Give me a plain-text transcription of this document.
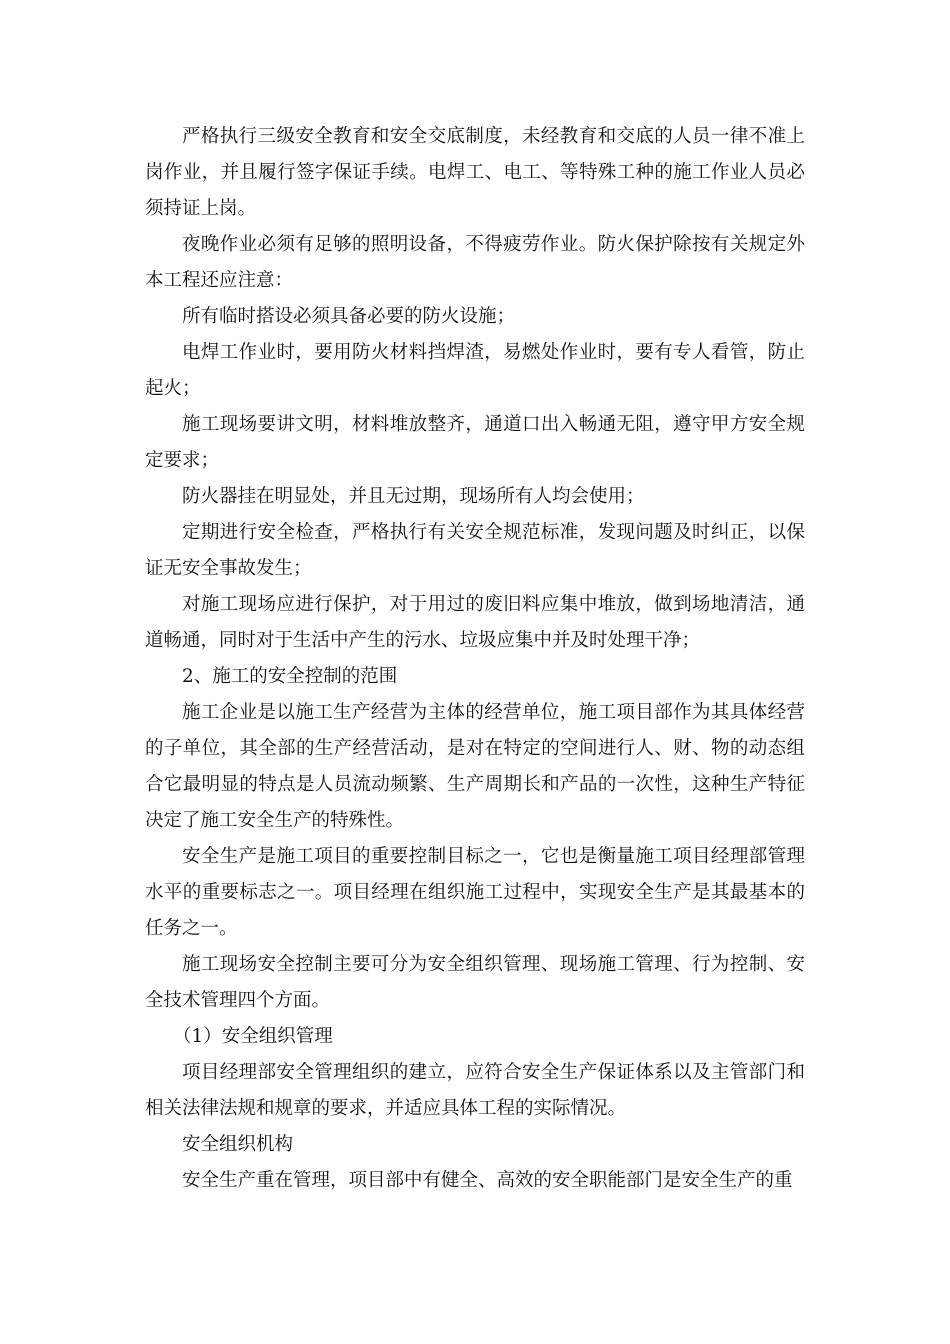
严格执行三级安全教育和安全交底制度，未经教育和交底的人员一律不准上岗作业，并且履行签字保证手续。电焊工、电工、等特殊工种的施工作业人员必须持证上岗。

夜晚作业必须有足够的照明设备，不得疲劳作业。防火保护除按有关规定外本工程还应注意：

所有临时搭设必须具备必要的防火设施；

电焊工作业时，要用防火材料挡焊渣，易燃处作业时，要有专人看管，防止起火；

施工现场要讲文明，材料堆放整齐，通道口出入畅通无阻，遵守甲方安全规定要求；

防火器挂在明显处，并且无过期，现场所有人均会使用；

定期进行安全检查，严格执行有关安全规范标准，发现问题及时纠正，以保证无安全事故发生；

对施工现场应进行保护，对于用过的废旧料应集中堆放，做到场地清洁，通道畅通，同时对于生活中产生的污水、垃圾应集中并及时处理干净；

2、施工的安全控制的范围

施工企业是以施工生产经营为主体的经营单位，施工项目部作为其具体经营的子单位，其全部的生产经营活动，是对在特定的空间进行人、财、物的动态组合它最明显的特点是人员流动频繁、生产周期长和产品的一次性，这种生产特征决定了施工安全生产的特殊性。

安全生产是施工项目的重要控制目标之一，它也是衡量施工项目经理部管理水平的重要标志之一。项目经理在组织施工过程中，实现安全生产是其最基本的任务之一。

施工现场安全控制主要可分为安全组织管理、现场施工管理、行为控制、安全技术管理四个方面。

（1）安全组织管理

项目经理部安全管理组织的建立，应符合安全生产保证体系以及主管部门和相关法律法规和规章的要求，并适应具体工程的实际情况。

安全组织机构

安全生产重在管理，项目部中有健全、高效的安全职能部门是安全生产的重
